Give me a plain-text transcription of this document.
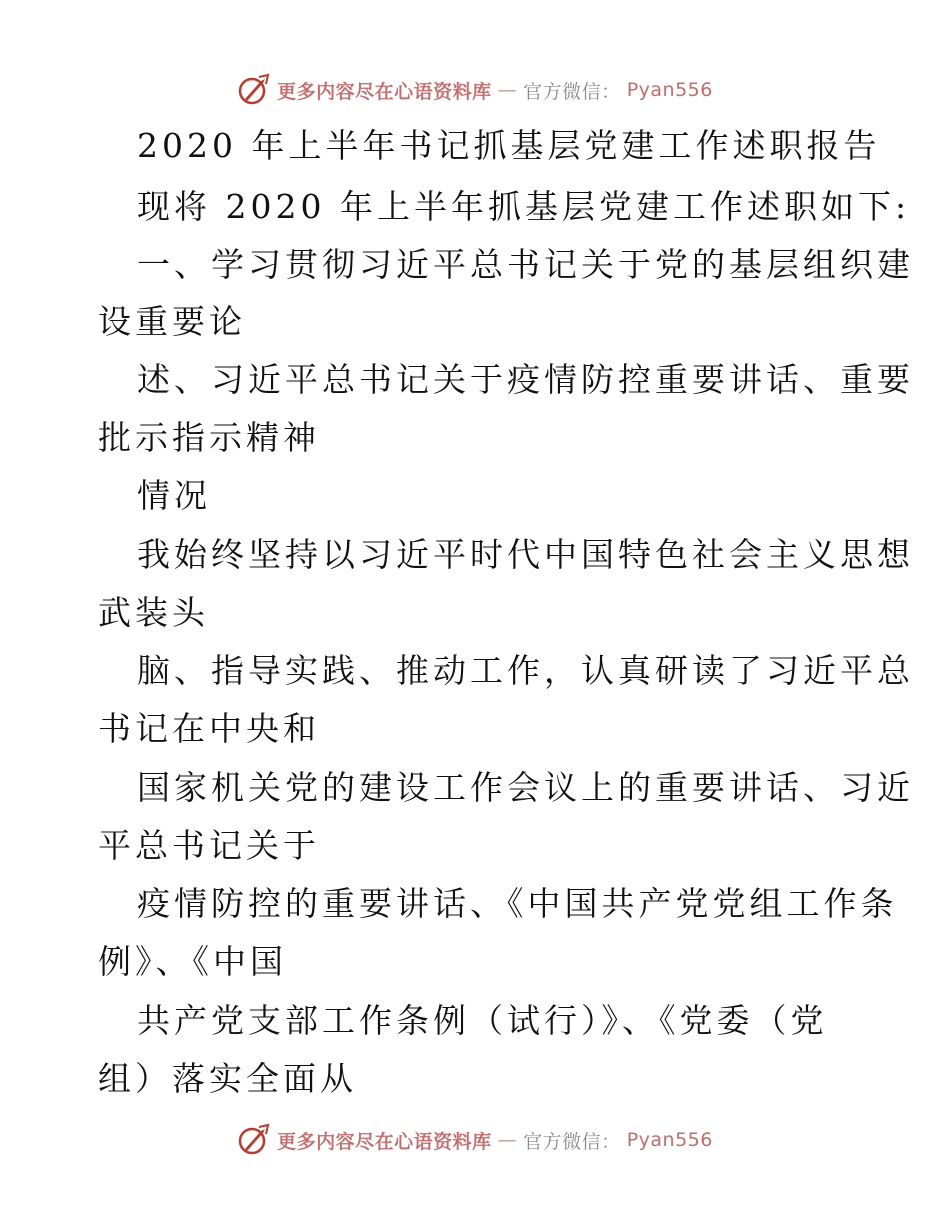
更多内容尽在心语资料库 — 官方微信： Pyan556
2020 年上半年书记抓基层党建工作述职报告
现将 2020 年上半年抓基层党建工作述职如下:
一、学习贯彻习近平总书记关于党的基层组织建
设重要论
述、习近平总书记关于疫情防控重要讲话、重要
批示指示精神
情况
我始终坚持以习近平时代中国特色社会主义思想
武装头
脑、指导实践、推动工作，认真研读了习近平总
书记在中央和
国家机关党的建设工作会议上的重要讲话、习近
平总书记关于
疫情防控的重要讲话、《中国共产党党组工作条
例》、《中国
共产党支部工作条例（试行）》、《党委（党
组）落实全面从
更多内容尽在心语资料库 — 官方微信： Pyan556
